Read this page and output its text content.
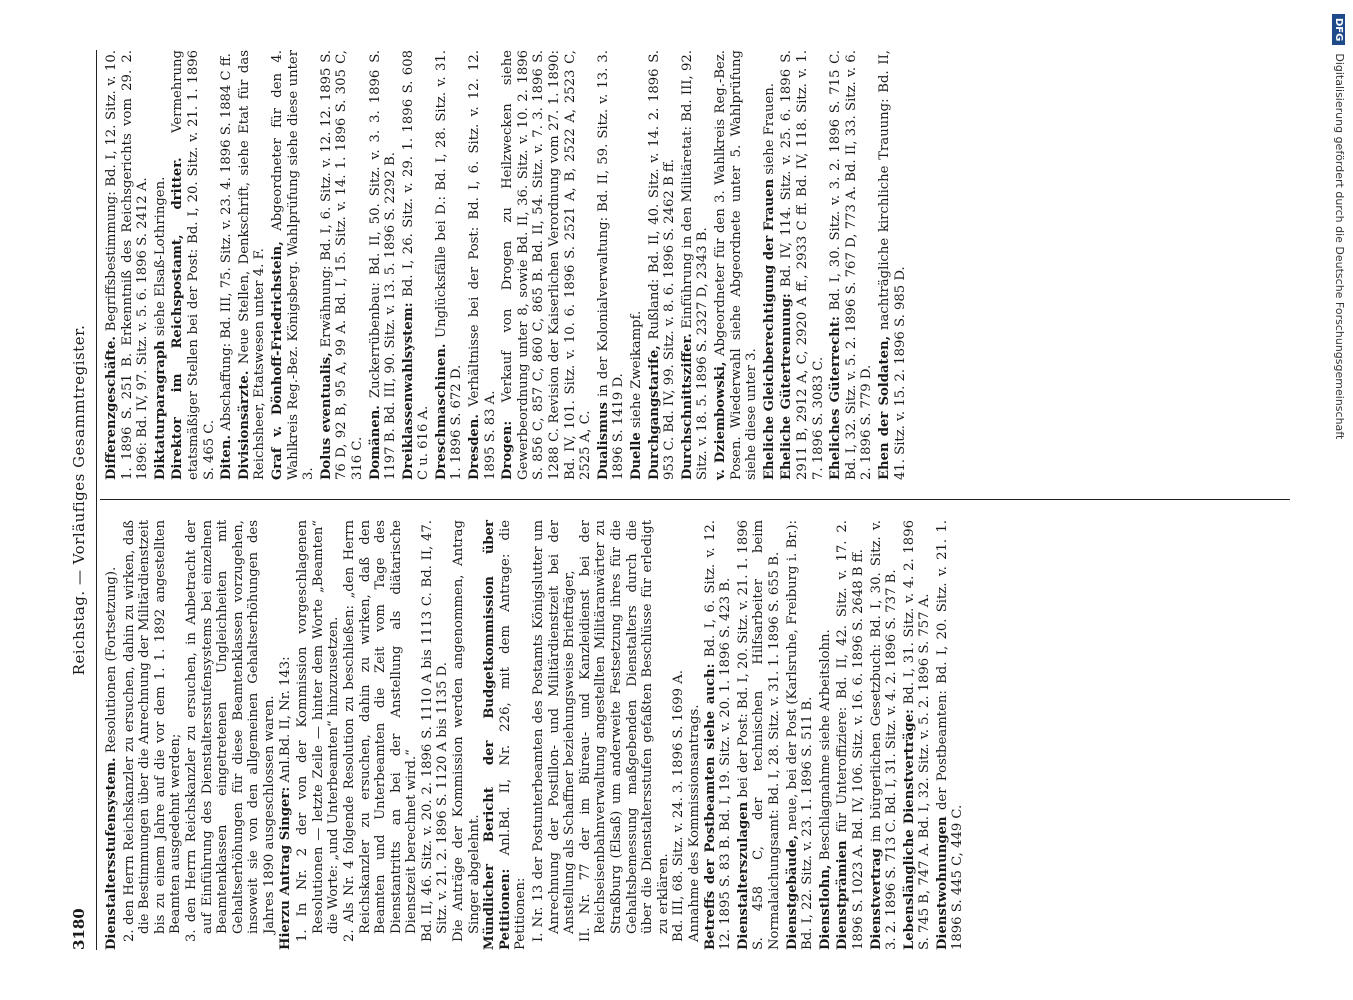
3180
Reichstag. — Vorläufiges Gesammtregister.

Dienstaltersstufensystem. Resolutionen (Fortsetzung). 2. den Herrn Reichskanzler zu ersuchen, dahin zu wirken, daß die Bestimmungen über die Anrechnung der Militärdienstzeit bis zu einem Jahre auf die vor dem 1. 1. 1892 angestellten Beamten ausgedehnt werden; 3. den Herrn Reichskanzler zu ersuchen, in Anbetracht der auf Einführung des Dienstaltersstufensystems bei einzelnen Beamtenklassen eingetretenen Ungleichheiten mit Gehaltserhöhungen für diese Beamtenklassen vorzugehen, insoweit sie von den allgemeinen Gehaltserhöhungen des Jahres 1890 ausgeschlossen waren. Hierzu Antrag Singer: Anl.Bd. II, Nr. 143: 1. In Nr. 2 der von der Kommission vorgeschlagenen Resolutionen — letzte Zeile — hinter dem Worte „Beamten“ die Worte: „und Unterbeamten“ hinzuzusetzen. 2. Als Nr. 4 folgende Resolution zu beschließen: „den Herrn Reichskanzler zu ersuchen, dahin zu wirken, daß den Beamten und Unterbeamten die Zeit vom Tage des Dienstantritts an bei der Anstellung als diätarische Dienstzeit berechnet wird.“ Bd. II, 46. Sitz. v. 20. 2. 1896 S. 1110 A bis 1113 C. Bd. II, 47. Sitz. v. 21. 2. 1896 S. 1120 A bis 1135 D. Die Anträge der Kommission werden angenommen, Antrag Singer abgelehnt. Mündlicher Bericht der Budgetkommission über Petitionen: Anl.Bd. II, Nr. 226, mit dem Antrage: die Petitionen: I. Nr. 13 der Postunterbeamten des Postamts Königslutter um Anrechnung der Postillon- und Militärdienstzeit bei der Anstellung als Schaffner beziehungsweise Briefträger, II. Nr. 77 der im Büreau- und Kanzleidienst bei der Reichseisenbahnverwaltung angestellten Militäranwärter zu Straßburg (Elsaß) um anderweite Festsetzung ihres für die Gehaltsbemessung maßgebenden Dienstalters durch die über die Dienstaltersstufen gefaßten Beschlüsse für erledigt zu erklären. Bd. III, 68. Sitz. v. 24. 3. 1896 S. 1699 A. Annahme des Kommissionsantrags. Betreffs der Postbeamten siehe auch: Bd. I, 6. Sitz. v. 12. 12. 1895 S. 83 B. Bd. I, 19. Sitz. v. 20. 1. 1896 S. 423 B. Dienstalterszulagen bei der Post: Bd. I, 20. Sitz. v. 21. 1. 1896 S. 458 C, der technischen Hilfsarbeiter beim Normalaichungsamt: Bd. I, 28. Sitz. v. 31. 1. 1896 S. 655 B. Dienstgebäude, neue, bei der Post (Karlsruhe, Freiburg i. Br.): Bd. I, 22. Sitz. v. 23. 1. 1896 S. 511 B. Dienstlohn, Beschlagnahme siehe Arbeitslohn.

Dienstprämien für Unteroffiziere: Bd. II, 42. Sitz. v. 17. 2. 1896 S. 1023 A. Bd. IV, 106. Sitz. v. 16. 6. 1896 S. 2648 B ff. Dienstvertrag im bürgerlichen Gesetzbuch: Bd. I, 30. Sitz. v. 3. 2. 1896 S. 713 C. Bd. I, 31. Sitz. v. 4. 2. 1896 S. 737 B. Lebenslängliche Dienstverträge: Bd. I, 31. Sitz. v. 4. 2. 1896 S. 745 B, 747 A. Bd. I, 32. Sitz. v. 5. 2. 1896 S. 757 A. Dienstwohnungen der Postbeamten: Bd. I, 20. Sitz. v. 21. 1. 1896 S. 445 C, 449 C.

Differenzgeschäfte. Begriffsbestimmung: Bd. I, 12. Sitz. v. 10. 1. 1896 S. 251 B. Erkenntniß des Reichsgerichts vom 29. 2. 1896: Bd. IV, 97. Sitz. v. 5. 6. 1896 S. 2412 A. Diktaturparagraph siehe Elsaß-Lothringen. Direktor im Reichspostamt, dritter. Vermehrung etatsmäßiger Stellen bei der Post: Bd. I, 20. Sitz. v. 21. 1. 1896 S. 465 C. Diten. Abschaffung: Bd. III, 75. Sitz. v. 23. 4. 1896 S. 1884 C ff. Divisionsärzte. Neue Stellen, Denkschrift, siehe Etat für das Reichsheer, Etatswesen unter 4. F. Graf v. Dönhoff-Friedrichstein, Abgeordneter für den 4. Wahlkreis Reg.-Bez. Königsberg. Wahlprüfung siehe diese unter 3. Dolus eventualis, Erwähnung: Bd. I, 6. Sitz. v. 12. 12. 1895 S. 76 D, 92 B, 95 A, 99 A. Bd. I, 15. Sitz. v. 14. 1. 1896 S. 305 C, 316 C. Domänen. Zuckerrübenbau: Bd. II, 50. Sitz. v. 3. 3. 1896 S. 1197 B. Bd. III, 90. Sitz. v. 13. 5. 1896 S. 2292 B. Dreiklassenwahlsystem: Bd. I, 26. Sitz. v. 29. 1. 1896 S. 608 C u. 616 A. Dreschmaschinen. Unglücksfälle bei D.: Bd. I, 28. Sitz. v. 31. 1. 1896 S. 672 D. Dresden. Verhältnisse bei der Post: Bd. I, 6. Sitz. v. 12. 12. 1895 S. 83 A. Drogen: Verkauf von Drogen zu Heilzwecken siehe Gewerbeordnung unter 8, sowie Bd. II, 36. Sitz. v. 10. 2. 1896 S. 856 C, 857 C, 860 C, 865 B. Bd. II, 54. Sitz. v. 7. 3. 1896 S. 1288 C. Revision der Kaiserlichen Verordnung vom 27. 1. 1890: Bd. IV, 101. Sitz. v. 10. 6. 1896 S. 2521 A, B, 2522 A, 2523 C, 2525 A, C. Dualismus in der Kolonialverwaltung: Bd. II, 59. Sitz. v. 13. 3. 1896 S. 1419 D. Duelle siehe Zweikampf. Durchgangstarife, Rußland: Bd. II, 40. Sitz. v. 14. 2. 1896 S. 953 C. Bd. IV, 99. Sitz. v. 8. 6. 1896 S. 2462 B ff. Durchschnittsziffer. Einführung in den Militäretat: Bd. III, 92. Sitz. v. 18. 5. 1896 S. 2327 D, 2343 B. v. Dziembowski, Abgeordneter für den 3. Wahlkreis Reg.-Bez. Posen. Wiederwahl siehe Abgeordnete unter 5. Wahlprüfung siehe diese unter 3. Eheliche Gleichberechtigung der Frauen siehe Frauen.

Eheliche Gütertrennung: Bd. IV, 114. Sitz. v. 25. 6. 1896 S. 2911 B, 2912 A, C, 2920 A ff., 2933 C ff. Bd. IV, 118. Sitz. v. 1. 7. 1896 S. 3083 C. Eheliches Güterrecht: Bd. I, 30. Sitz. v. 3. 2. 1896 S. 715 C. Bd. I, 32. Sitz. v. 5. 2. 1896 S. 767 D, 773 A. Bd. II, 33. Sitz. v. 6. 2. 1896 S. 779 D. Ehen der Soldaten, nachträgliche kirchliche Trauung: Bd. II, 41. Sitz. v. 15. 2. 1896 S. 985 D.

DFGDigitalisierung gefördert durch die Deutsche Forschungsgemeinschaft
